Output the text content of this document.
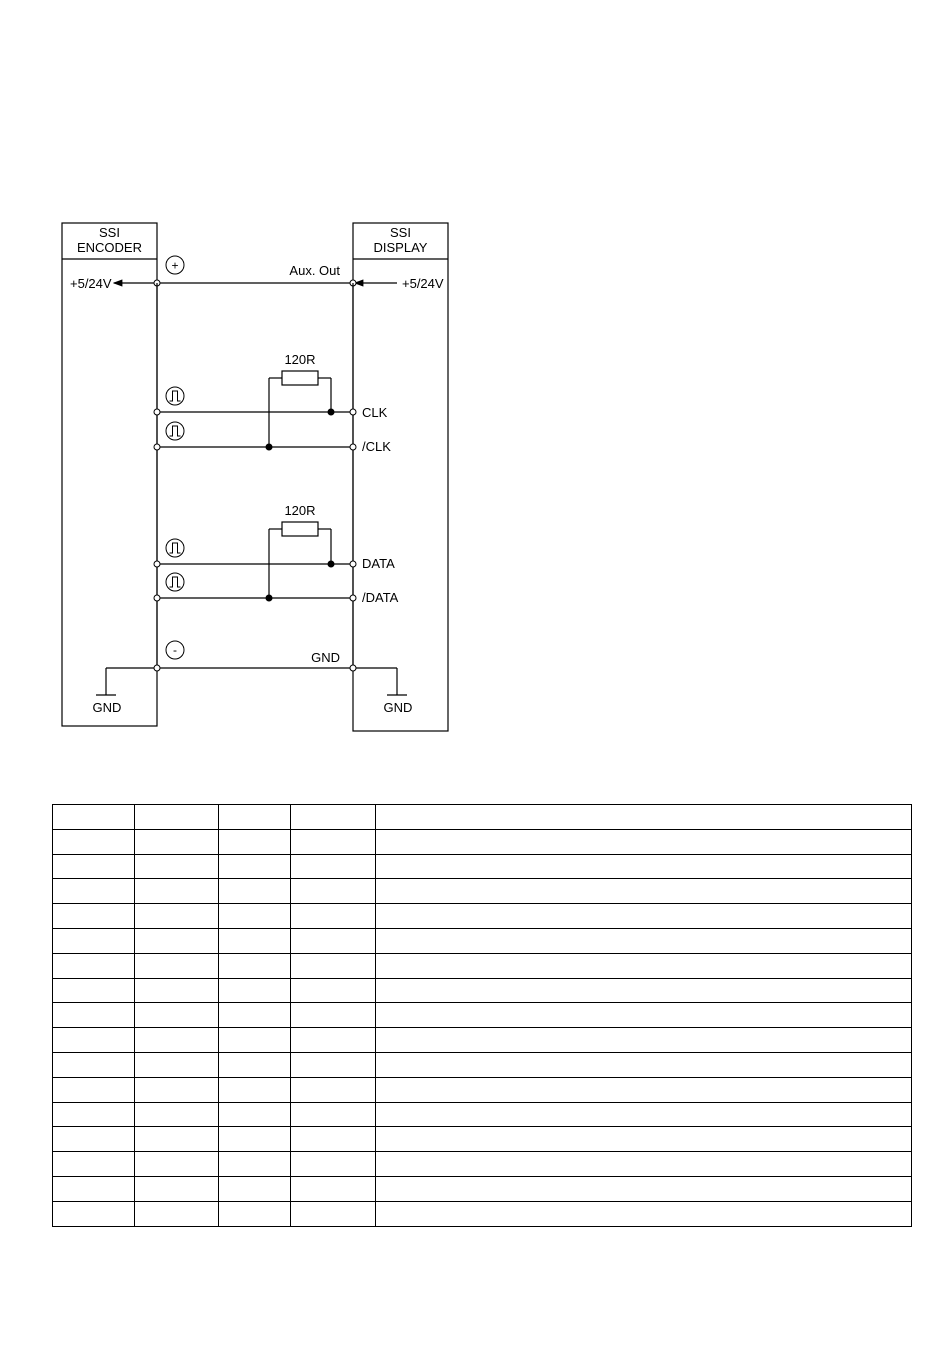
SSI
ENCODER
SSI
DISPLAY
+5/24V	+5/24V
Aux. Out
+
120R
CLK
/CLK
120R
DATA
/DATA
GND
-
GND	GND
